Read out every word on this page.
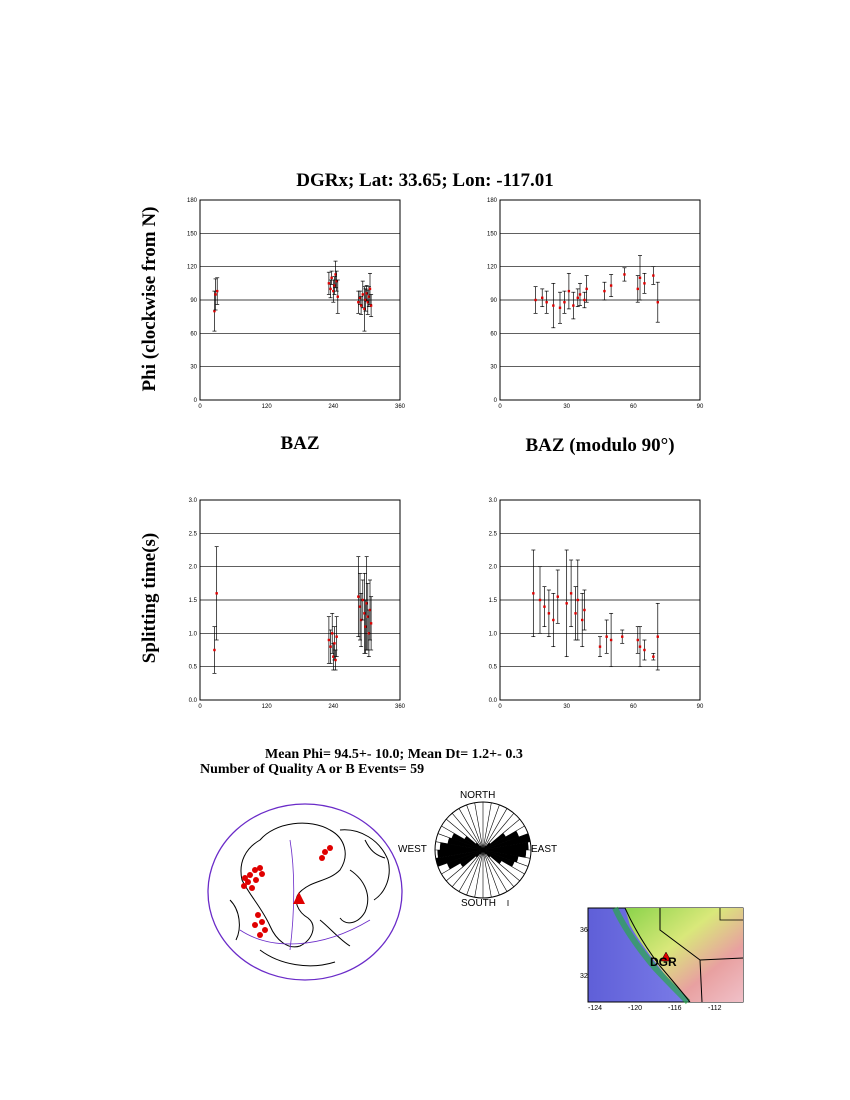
DGRx; Lat: 33.65; Lon: -117.01
Phi (clockwise from N)
Splitting time(s)
BAZ	BAZ (modulo 90°)
0
30
60
90
120
150
180
0	120	240	360
0
30
60
90
120
150
180
0	30	60	90
0.0
0.5
1.0
1.5
2.0
2.5
3.0
0	120	240	360
0.0
0.5
1.0
1.5
2.0
2.5
3.0
0	30	60	90
Mean Phi= 94.5+- 10.0; Mean Dt= 1.2+- 0.3
Number of Quality A or B Events= 59
NORTH
SOUTH
WEST	EAST
DGR
-124	-120	-116	-112
36
32
